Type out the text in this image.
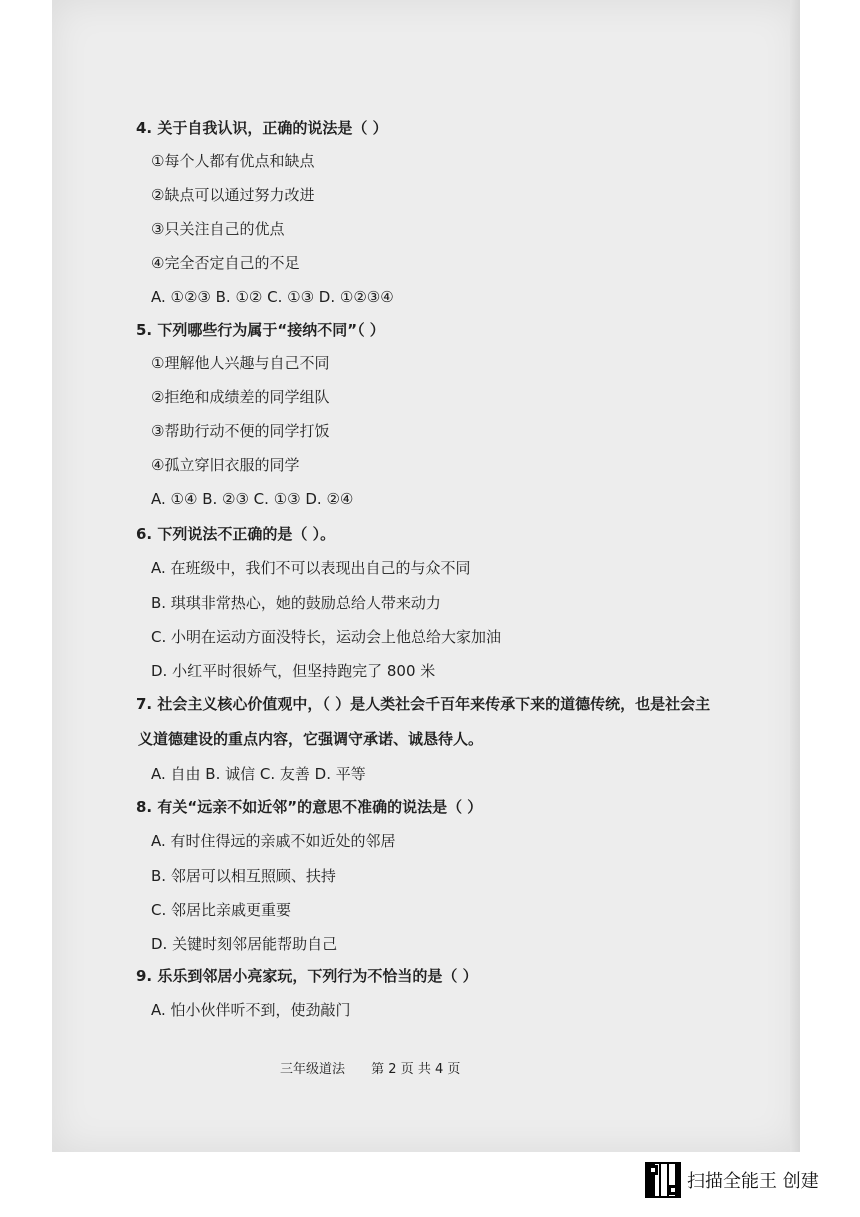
4. 关于自我认识，正确的说法是（ ）
①每个人都有优点和缺点
②缺点可以通过努力改进
③只关注自己的优点
④完全否定自己的不足
A. ①②③ B. ①② C. ①③ D. ①②③④
5. 下列哪些行为属于“接纳不同”（ ）
①理解他人兴趣与自己不同
②拒绝和成绩差的同学组队
③帮助行动不便的同学打饭
④孤立穿旧衣服的同学
A. ①④ B. ②③ C. ①③ D. ②④
6. 下列说法不正确的是（ ）。
A. 在班级中，我们不可以表现出自己的与众不同
B. 琪琪非常热心，她的鼓励总给人带来动力
C. 小明在运动方面没特长，运动会上他总给大家加油
D. 小红平时很娇气，但坚持跑完了 800 米
7. 社会主义核心价值观中，（ ）是人类社会千百年来传承下来的道德传统，也是社会主
义道德建设的重点内容，它强调守承诺、诚恳待人。
A. 自由 B. 诚信 C. 友善 D. 平等
8. 有关“远亲不如近邻”的意思不准确的说法是（ ）
A. 有时住得远的亲戚不如近处的邻居
B. 邻居可以相互照顾、扶持
C. 邻居比亲戚更重要
D. 关键时刻邻居能帮助自己
9. 乐乐到邻居小亮家玩，下列行为不恰当的是（ ）
A. 怕小伙伴听不到，使劲敲门
三年级道法 第 2 页 共 4 页
扫描全能王 创建
